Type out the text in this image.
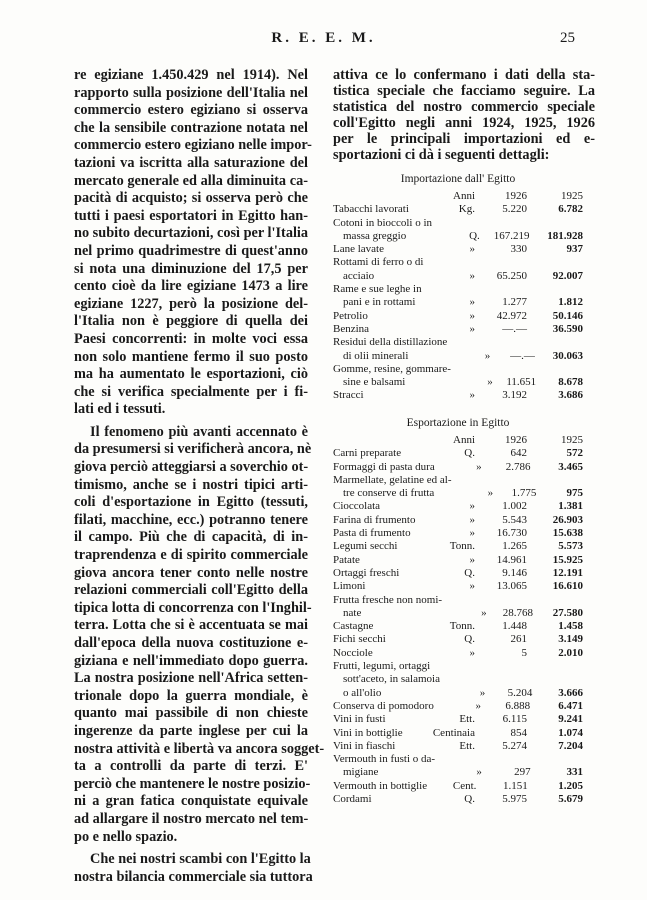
R. E. E. M.	25
re egiziane 1.450.429 nel 1914). Nel
rapporto sulla posizione dell'Italia nel
commercio estero egiziano si osserva
che la sensibile contrazione notata nel
commercio estero egiziano nelle impor-
tazioni va iscritta alla saturazione del
mercato generale ed alla diminuita ca-
pacità di acquisto; si osserva però che
tutti i paesi esportatori in Egitto han-
no subito decurtazioni, così per l'Italia
nel primo quadrimestre di quest'anno
si nota una diminuzione del 17,5 per
cento cioè da lire egiziane 1473 a lire
egiziane 1227, però la posizione del-
l'Italia non è peggiore di quella dei
Paesi concorrenti: in molte voci essa
non solo mantiene fermo il suo posto
ma ha aumentato le esportazioni, ciò
che si verifica specialmente per i fi-
lati ed i tessuti.
Il fenomeno più avanti accennato è
da presumersi si verificherà ancora, nè
giova perciò atteggiarsi a soverchio ot-
timismo, anche se i nostri tipici arti-
coli d'esportazione in Egitto (tessuti,
filati, macchine, ecc.) potranno tenere
il campo. Più che di capacità, di in-
traprendenza e di spirito commerciale
giova ancora tener conto nelle nostre
relazioni commerciali coll'Egitto della
tipica lotta di concorrenza con l'Inghil-
terra. Lotta che si è accentuata se mai
dall'epoca della nuova costituzione e-
giziana e nell'immediato dopo guerra.
La nostra posizione nell'Africa setten-
trionale dopo la guerra mondiale, è
quanto mai passibile di non chieste
ingerenze da parte inglese per cui la
nostra attività e libertà va ancora sogget-
ta a controlli da parte di terzi. E'
perciò che mantenere le nostre posizio-
ni a gran fatica conquistate equivale
ad allargare il nostro mercato nel tem-
po e nello spazio.
Che nei nostri scambi con l'Egitto la
nostra bilancia commerciale sia tuttora
attiva ce lo confermano i dati della sta-
tistica speciale che facciamo seguire. La
statistica del nostro commercio speciale
coll'Egitto negli anni 1924, 1925, 1926
per le principali importazioni ed e-
sportazioni ci dà i seguenti dettagli:
Importazione dall' Egitto
Anni	1926	1925
Tabacchi lavorati	Kg.	5.220	6.782
Cotoni in bioccoli o in
massa greggio	Q.	167.219	181.928
Lane lavate	»	330	937
Rottami di ferro o di
acciaio	»	65.250	92.007
Rame e sue leghe in
pani e in rottami	»	1.277	1.812
Petrolio	»	42.972	50.146
Benzina	»	—.—	36.590
Residui della distillazione
di olii minerali	»	—.—	30.063
Gomme, resine, gommare-
sine e balsami	»	11.651	8.678
Stracci	»	3.192	3.686
Esportazione in Egitto
Anni	1926	1925
Carni preparate	Q.	642	572
Formaggi di pasta dura	»	2.786	3.465
Marmellate, gelatine ed al-
tre conserve di frutta	»	1.775	975
Cioccolata	»	1.002	1.381
Farina di frumento	»	5.543	26.903
Pasta di frumento	»	16.730	15.638
Legumi secchi	Tonn.	1.265	5.573
Patate	»	14.961	15.925
Ortaggi freschi	Q.	9.146	12.191
Limoni	»	13.065	16.610
Frutta fresche non nomi-
nate	»	28.768	27.580
Castagne	Tonn.	1.448	1.458
Fichi secchi	Q.	261	3.149
Nocciole	»	5	2.010
Frutti, legumi, ortaggi
sott'aceto, in salamoia
o all'olio	»	5.204	3.666
Conserva di pomodoro	»	6.888	6.471
Vini in fusti	Ett.	6.115	9.241
Vini in bottiglie	Centinaia	854	1.074
Vini in fiaschi	Ett.	5.274	7.204
Vermouth in fusti o da-
migiane	»	297	331
Vermouth in bottiglie	Cent.	1.151	1.205
Cordami	Q.	5.975	5.679
